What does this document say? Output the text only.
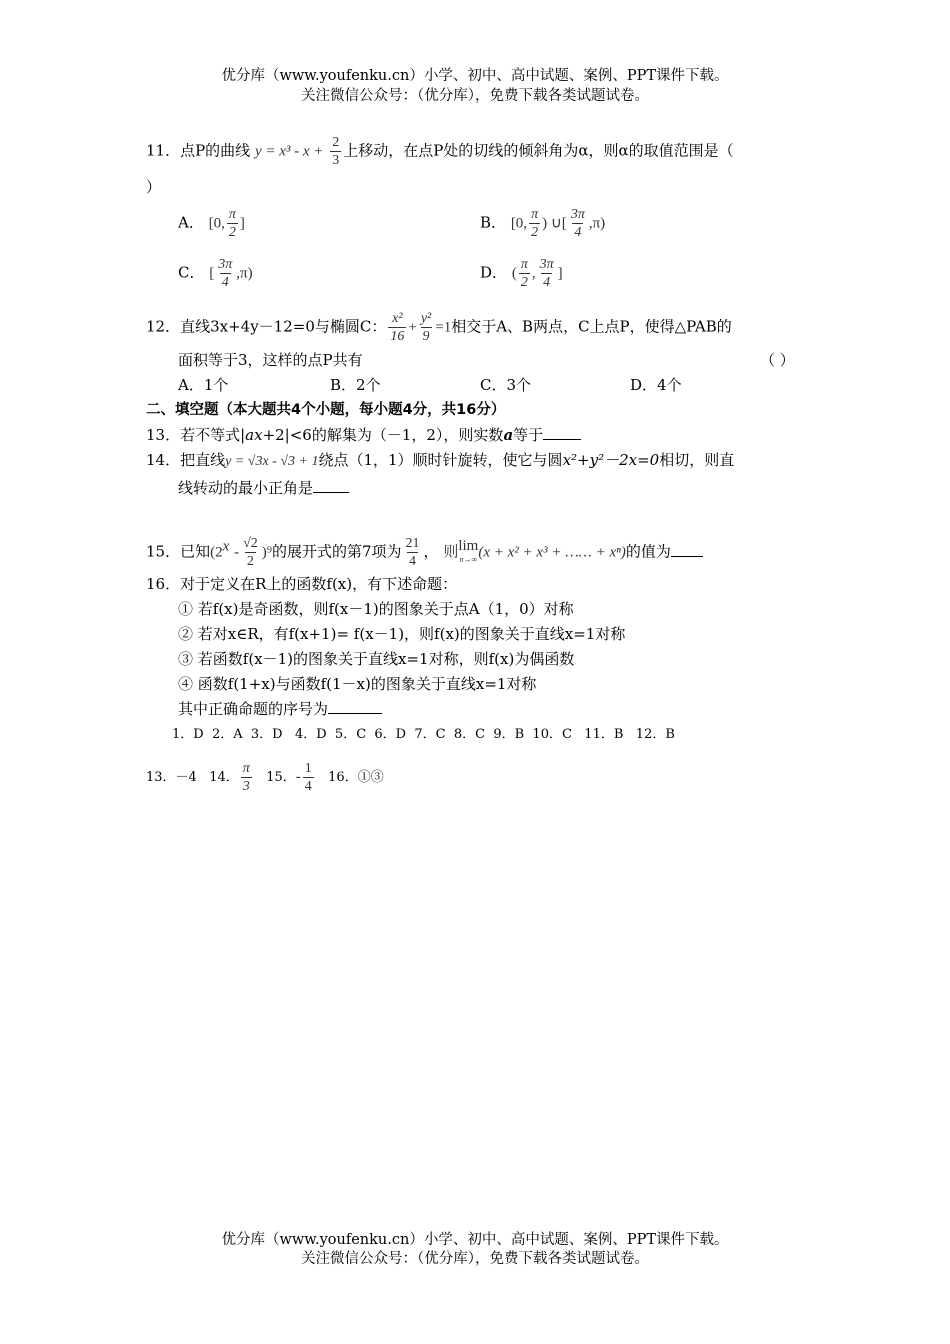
优分库（www.youfenku.cn）小学、初中、高中试题、案例、PPT课件下载。
关注微信公众号：（优分库），免费下载各类试题试卷。
11．点P的曲线 $y = x^3 - x + \frac{2}{3}$ 上移动，在点P处的切线的倾斜角为α，则α的取值范围是（
）
A． [0, $\frac{\pi}{2}$ ]	B． [0, $\frac{\pi}{2}$ ) ∪[ $\frac{3\pi}{4} ,\pi$)
C． [ $\frac{3\pi}{4} ,\pi$)	D． ( $\frac{\pi}{2}$ , $\frac{3\pi}{4}$ ]
12．直线3x+4y－12=0与椭圆C： $\frac{\text{x²}}{16} + \frac{\text{y²}}{9} =1$相交于A、B两点，C上点P，使得△PAB的
面积等于3，这样的点P共有	（ ）
A．1个	B．2个	C．3个	D．4个
二、填空题（本大题共4个小题，每小题4分，共16分）
13．若不等式|ax+2|<6的解集为（－1，2），则实数a等于
14．把直线y = √3x - √3 + 1绕点（1，1）顺时针旋转，使它与圆x²+y²－2x=0相切，则直
线转动的最小正角是
15．已知$(2^x - \frac{√2}{2} )^9$的展开式的第7项为 $\frac{21}{4}$ ， 则 lim
n→∞ (x + x² + x³ + …… + xⁿ)的值为
16．对于定义在R上的函数f(x)，有下述命题：
① 若f(x)是奇函数，则f(x－1)的图象关于点A（1，0）对称
② 若对x∈R，有f(x+1)= f(x－1)，则f(x)的图象关于直线x=1对称
③ 若函数f(x－1)的图象关于直线x=1对称，则f(x)为偶函数
④ 函数f(1+x)与函数f(1－x)的图象关于直线x=1对称
其中正确命题的序号为
1．D  2．A  3．D   4．D  5．C  6．D  7．C  8．C  9．B  10．C   11．B   12．B
13．－4 14． $\frac{\pi}{3} 15$．- $\frac{1}{4} 16$．①③
优分库（www.youfenku.cn）小学、初中、高中试题、案例、PPT课件下载。
关注微信公众号：（优分库），免费下载各类试题试卷。
